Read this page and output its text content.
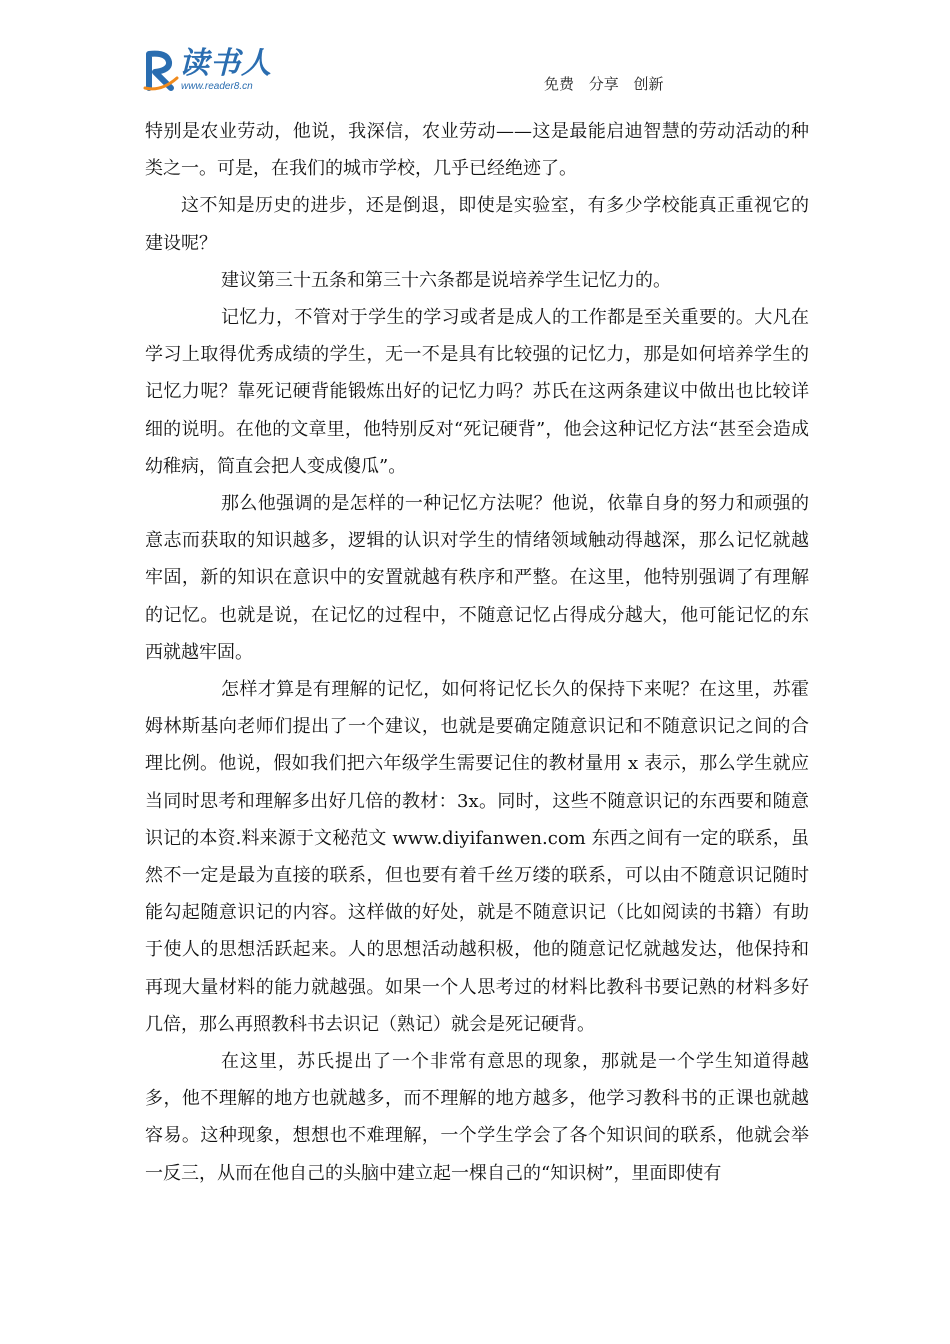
读书人
www.reader8.cn	免费 分享 创新

特别是农业劳动，他说，我深信，农业劳动——这是最能启迪智慧的劳动活动的种类之一。可是，在我们的城市学校，几乎已经绝迹了。

这不知是历史的进步，还是倒退，即使是实验室，有多少学校能真正重视它的建设呢？

建议第三十五条和第三十六条都是说培养学生记忆力的。

记忆力，不管对于学生的学习或者是成人的工作都是至关重要的。大凡在学习上取得优秀成绩的学生，无一不是具有比较强的记忆力，那是如何培养学生的记忆力呢？靠死记硬背能锻炼出好的记忆力吗？苏氏在这两条建议中做出也比较详细的说明。在他的文章里，他特别反对“死记硬背”，他会这种记忆方法“甚至会造成幼稚病，简直会把人变成傻瓜”。

那么他强调的是怎样的一种记忆方法呢？他说，依靠自身的努力和顽强的意志而获取的知识越多，逻辑的认识对学生的情绪领域触动得越深，那么记忆就越牢固，新的知识在意识中的安置就越有秩序和严整。在这里，他特别强调了有理解的记忆。也就是说，在记忆的过程中，不随意记忆占得成分越大，他可能记忆的东西就越牢固。

怎样才算是有理解的记忆，如何将记忆长久的保持下来呢？在这里，苏霍姆林斯基向老师们提出了一个建议，也就是要确定随意识记和不随意识记之间的合理比例。他说，假如我们把六年级学生需要记住的教材量用 x 表示，那么学生就应当同时思考和理解多出好几倍的教材：3x。同时，这些不随意识记的东西要和随意识记的本资.料来源于文秘范文 www.diyifanwen.com 东西之间有一定的联系，虽然不一定是最为直接的联系，但也要有着千丝万缕的联系，可以由不随意识记随时能勾起随意识记的内容。这样做的好处，就是不随意识记（比如阅读的书籍）有助于使人的思想活跃起来。人的思想活动越积极，他的随意记忆就越发达，他保持和再现大量材料的能力就越强。如果一个人思考过的材料比教科书要记熟的材料多好几倍，那么再照教科书去识记（熟记）就会是死记硬背。

在这里，苏氏提出了一个非常有意思的现象，那就是一个学生知道得越多，他不理解的地方也就越多，而不理解的地方越多，他学习教科书的正课也就越容易。这种现象，想想也不难理解，一个学生学会了各个知识间的联系，他就会举一反三，从而在他自己的头脑中建立起一棵自己的“知识树”，里面即使有
